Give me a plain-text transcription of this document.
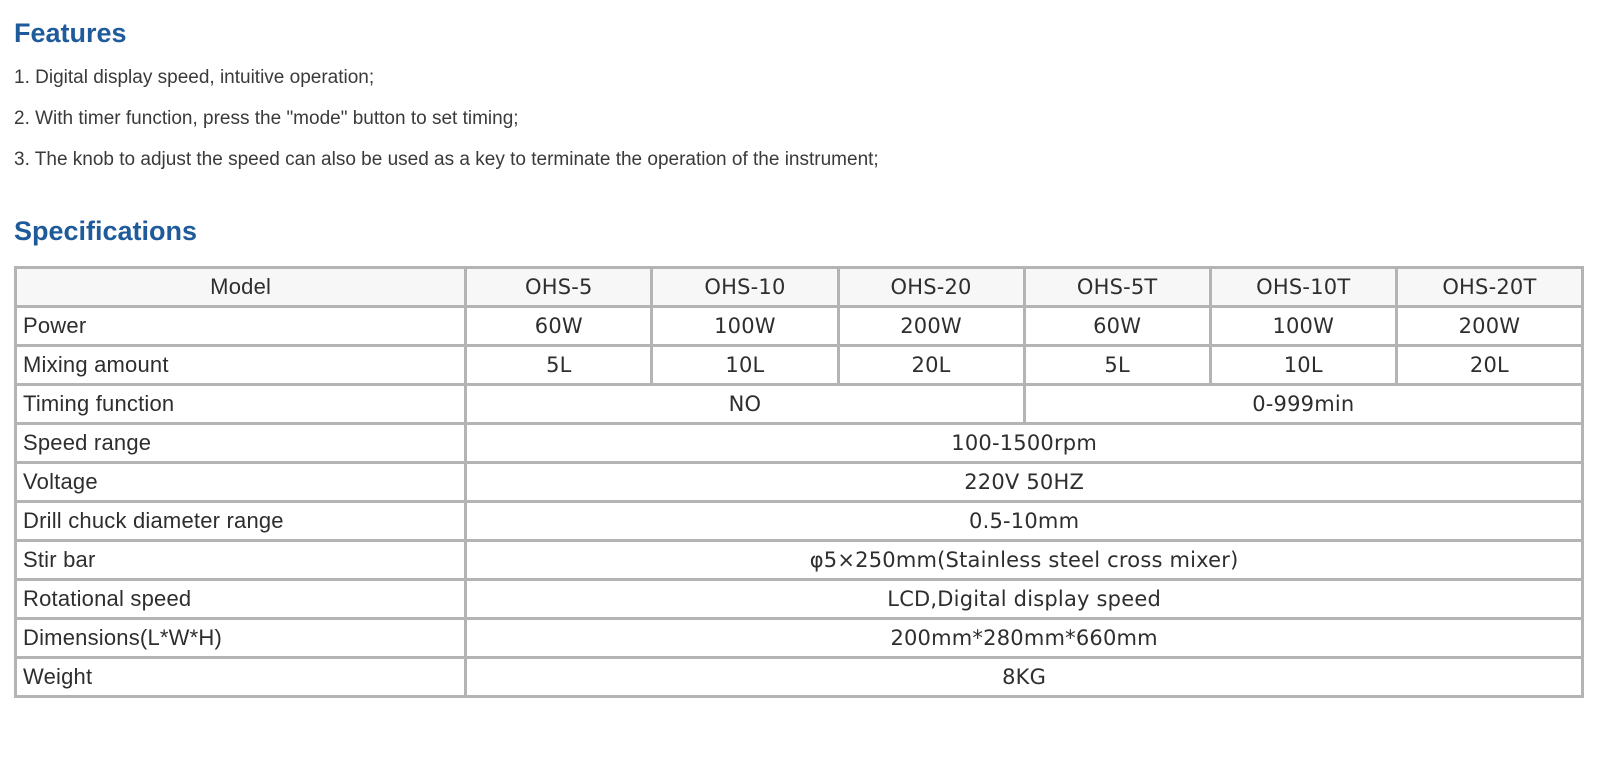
Features
1. Digital display speed, intuitive operation;
2. With timer function, press the "mode" button to set timing;
3. The knob to adjust the speed can also be used as a key to terminate the operation of the instrument;
Specifications
Model	OHS-5	OHS-10	OHS-20	OHS-5T	OHS-10T	OHS-20T
Power	60W	100W	200W	60W	100W	200W
Mixing amount	5L	10L	20L	5L	10L	20L
Timing function	NO			0-999min		
Speed range	100-1500rpm					
Voltage	220V 50HZ					
Drill chuck diameter range	0.5-10mm					
Stir bar	φ5×250mm(Stainless steel cross mixer)					
Rotational speed	LCD,Digital display speed					
Dimensions(L*W*H)	200mm*280mm*660mm					
Weight	8KG					
